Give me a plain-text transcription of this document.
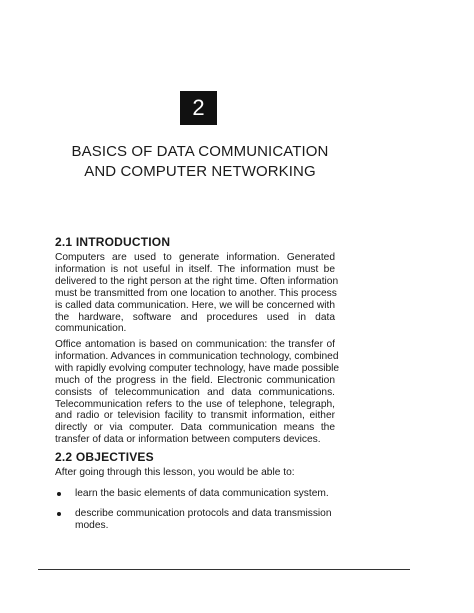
2
BASICS OF DATA COMMUNICATION
AND COMPUTER NETWORKING
2.1 INTRODUCTION
Computers are used to generate information. Generated
information is not useful in itself. The information must be
delivered to the right person at the right time. Often information
must be transmitted from one location to another. This process
is called data communication. Here, we will be concerned with
the hardware, software and procedures used in data
communication.
Office antomation is based on communication: the transfer of
information. Advances in communication technology, combined
with rapidly evolving computer technology, have made possible
much of the progress in the field. Electronic communication
consists of telecommunication and data communications.
Telecommunication refers to the use of telephone, telegraph,
and radio or television facility to transmit information, either
directly or via computer. Data communication means the
transfer of data or information between computers devices.
2.2 OBJECTIVES
After going through this lesson, you would be able to:
learn the basic elements of data communication system.
describe communication protocols and data transmission
modes.
